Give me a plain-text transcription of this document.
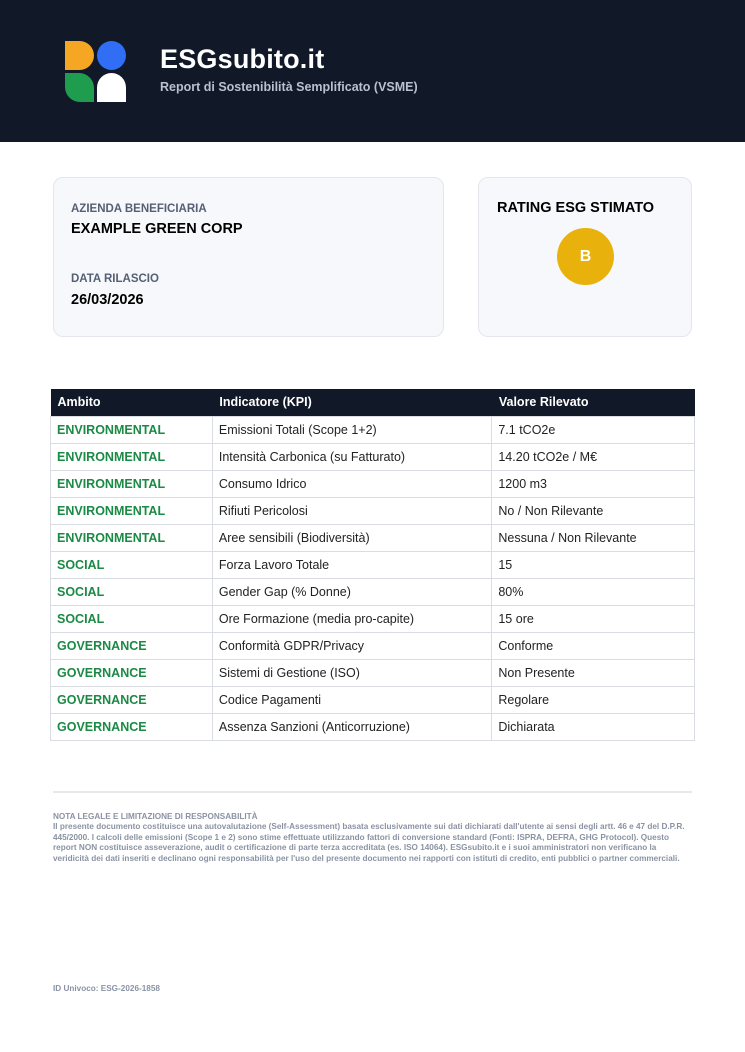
ESGsubito.it
Report di Sostenibilità Semplificato (VSME)
AZIENDA BENEFICIARIA
EXAMPLE GREEN CORP
DATA RILASCIO
26/03/2026
RATING ESG STIMATO
B
Ambito	Indicatore (KPI)	Valore Rilevato
ENVIRONMENTAL	Emissioni Totali (Scope 1+2)	7.1 tCO2e
ENVIRONMENTAL	Intensità Carbonica (su Fatturato)	14.20 tCO2e / M€
ENVIRONMENTAL	Consumo Idrico	1200 m3
ENVIRONMENTAL	Rifiuti Pericolosi	No / Non Rilevante
ENVIRONMENTAL	Aree sensibili (Biodiversità)	Nessuna / Non Rilevante
SOCIAL	Forza Lavoro Totale	15
SOCIAL	Gender Gap (% Donne)	80%
SOCIAL	Ore Formazione (media pro-capite)	15 ore
GOVERNANCE	Conformità GDPR/Privacy	Conforme
GOVERNANCE	Sistemi di Gestione (ISO)	Non Presente
GOVERNANCE	Codice Pagamenti	Regolare
GOVERNANCE	Assenza Sanzioni (Anticorruzione)	Dichiarata
NOTA LEGALE E LIMITAZIONE DI RESPONSABILITÀ
Il presente documento costituisce una autovalutazione (Self-Assessment) basata esclusivamente sui dati dichiarati dall'utente ai sensi degli artt. 46 e 47 del D.P.R. 445/2000. I calcoli delle emissioni (Scope 1 e 2) sono stime effettuate utilizzando fattori di conversione standard (Fonti: ISPRA, DEFRA, GHG Protocol). Questo report NON costituisce asseverazione, audit o certificazione di parte terza accreditata (es. ISO 14064). ESGsubito.it e i suoi amministratori non verificano la veridicità dei dati inseriti e declinano ogni responsabilità per l'uso del presente documento nei rapporti con istituti di credito, enti pubblici o partner commerciali.
ID Univoco: ESG-2026-1858
